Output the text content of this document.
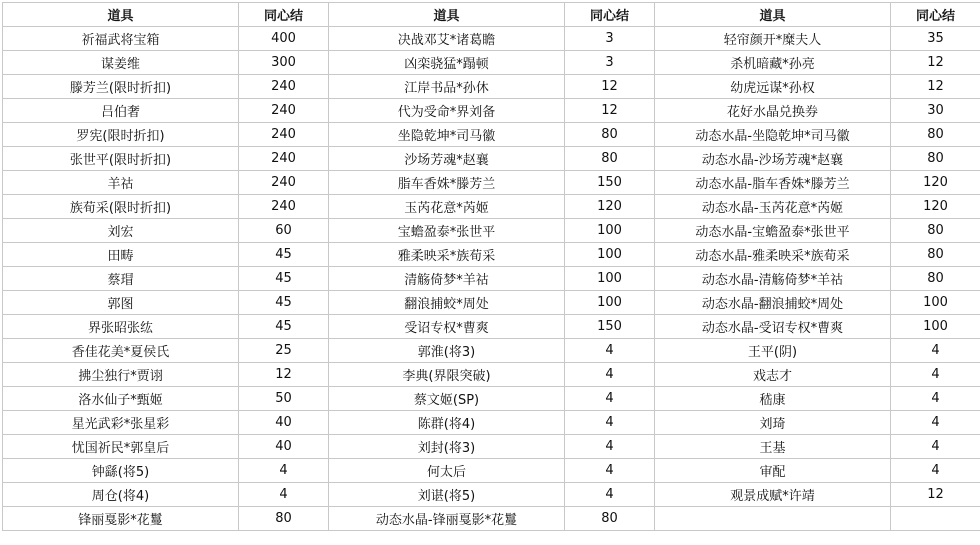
道具	同心结	道具	同心结	道具	同心结
祈福武将宝箱	400	决战邓艾*诸葛瞻	3	轻帘颜开*糜夫人	35
谋姜维	300	凶栾骁猛*蹋顿	3	杀机暗藏*孙亮	12
滕芳兰(限时折扣)	240	江岸书品*孙休	12	幼虎远谋*孙权	12
吕伯奢	240	代为受命*界刘备	12	花好水晶兑换券	30
罗宪(限时折扣)	240	坐隐乾坤*司马徽	80	动态水晶-坐隐乾坤*司马徽	80
张世平(限时折扣)	240	沙场芳魂*赵襄	80	动态水晶-沙场芳魂*赵襄	80
羊祜	240	脂车香姝*滕芳兰	150	动态水晶-脂车香姝*滕芳兰	120
族荀采(限时折扣)	240	玉芮花意*芮姬	120	动态水晶-玉芮花意*芮姬	120
刘宏	60	宝蟾盈泰*张世平	100	动态水晶-宝蟾盈泰*张世平	80
田畴	45	雅柔映采*族荀采	100	动态水晶-雅柔映采*族荀采	80
蔡瑁	45	清觞倚梦*羊祜	100	动态水晶-清觞倚梦*羊祜	80
郭图	45	翻浪捕蛟*周处	100	动态水晶-翻浪捕蛟*周处	100
界张昭张纮	45	受诏专权*曹爽	150	动态水晶-受诏专权*曹爽	100
香佳花美*夏侯氏	25	郭淮(将3)	4	王平(阴)	4
拂尘独行*贾诩	12	李典(界限突破)	4	戏志才	4
洛水仙子*甄姬	50	蔡文姬(SP)	4	嵇康	4
星光武彩*张星彩	40	陈群(将4)	4	刘琦	4
忧国祈民*郭皇后	40	刘封(将3)	4	王基	4
钟繇(将5)	4	何太后	4	审配	4
周仓(将4)	4	刘谌(将5)	4	观景成赋*许靖	12
锋丽戛影*花鬘	80	动态水晶-锋丽戛影*花鬘	80		
